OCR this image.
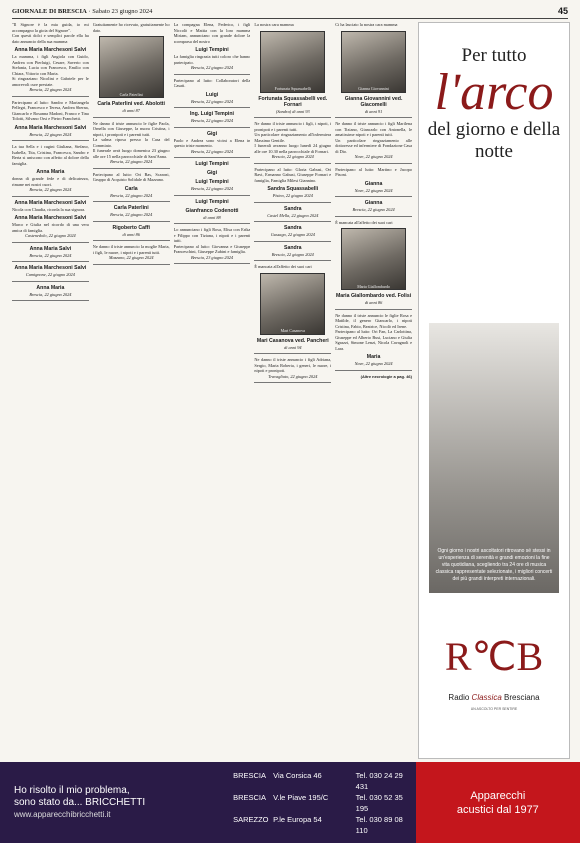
GIORNALE DI BRESCIA · Sabato 23 giugno 2024	45
"Il Signore è la mia guida, io mi accompagno la gioia del Signore".
Con questi dolci e semplici parole ella ha dato annuncio della sua mamma
Anna Maria Marchesoni Salvi
La mamma, i figli Angiola con Guido, Andrea con Pierluigi, Cesare, Saverio con Stefania, Lucia con Francesco, Emilio con Chiara, Vittorio con Maria.
Si ringraziano Nicolini e Gabriele per le amorevoli cure prestate.
Brescia, 22 giugno 2024
Partecipano al lutto: Sandro e Mariangela Pellegri, Francesco e Teresa, Andrea Sberna, Giancarlo e Rosanna Madoni, Franco e Tina Tolotti, Silvano Orsi e Pietro Franchetti.
Anna Maria Marchesoni Salvi
Brescia, 22 giugno 2024
La tua Sella e i cugini Giuliana, Stefano, Isabella, Tita, Cristina, Francesca, Sandro e Berta si uniscono con affetto al dolore della famiglia.
Anna Maria
donna di grande fede e di delicatezza, rimane nei nostri cuori.
Brescia, 22 giugno 2024
Anna Maria Marchesoni Salvi
Nicola con Claudia, ricorda la sua signora.
Anna Maria Marchesoni Salvi
Marco e Giulia nel ricordo di una vera amica di famiglia.
Castenedolo, 22 giugno 2024
Anna Maria Salvi
Brescia, 22 giugno 2024
Anna Maria Marchesoni Salvi
Camignone, 22 giugno 2024
Anna Maria
Brescia, 22 giugno 2024
Gratuitamente ho ricevuto, gratuitamente ho dato.
Carla Paterlini
Carla Paterlini ved. Abolotti
di anni 87
Ne danno il triste annuncio le figlie Paola, Ornella con Giuseppe, la nuora Cristina, i nipoti, i pronipoti e i parenti tutti.
La salma riposa presso la Casa del Commiato.
Il funerale avrà luogo domenica 23 giugno alle ore 15 nella parrocchiale di Sant'Anna.
Brescia, 22 giugno 2024
Partecipano al lutto: Ori Bas, Scaroni, Gruppo di Acquisto Solidale di Mazzano.
Carla
Brescia, 22 giugno 2024
Carla Paterlini
Brescia, 22 giugno 2024
Rigoberto Caffi
di anni 86
Ne danno il triste annuncio la moglie Maria, i figli, le nuore, i nipoti e i parenti tutti.
Mazzano, 22 giugno 2024
La compagna Elena, Federico, i figli Niccolò e Mattia con la loro mamma Miriam, annunciano con grande dolore la scomparsa del nostro
Luigi Tempini
La famiglia ringrazia tutti coloro che hanno partecipato.
Brescia, 22 giugno 2024
Partecipano al lutto: Collaboratori della Casati.
Luigi
Brescia, 22 giugno 2024
Ing. Luigi Tempini
Brescia, 22 giugno 2024
Gigi
Paolo e Andrea sono vicini a Elena in questo triste momento.
Brescia, 22 giugno 2024
Luigi Tempini
Gigi
Luigi Tempini
Brescia, 22 giugno 2024
Luigi Tempini
Gianfranco Codenotti
di anni 88
Lo annunciano i figli Rosa, Elisa con Erika e Filippo con Tiziana, i nipoti e i parenti tutti.
Partecipano al lutto: Giovanna e Giuseppe Franceschini, Giuseppe Zubini e famiglia.
Brescia, 23 giugno 2024
La nostra cara mamma
Fortunata Squassabelli
Fortunata Squassabelli ved. Fornari
(Sandra) di anni 93
Ne danno il triste annuncio i figli, i nipoti, i pronipoti e i parenti tutti.
Un particolare ringraziamento all'infermiera Massimo Gentile.
I funerali avranno luogo lunedì 24 giugno alle ore 10.30 nella parrocchiale di Fornari.
Brescia, 22 giugno 2024
Partecipano al lutto: Gloria Gabusi, Ori Ravi, Ermanno Gabusi, Giuseppe Fornari e famiglia, Famiglia Milesi Giannino.
Sandra Squassabelli
Pisino, 22 giugno 2024
Sandra
Castel Mella, 22 giugno 2024
Sandra
Gussago, 22 giugno 2024
Sandra
Brescia, 22 giugno 2024
È mancata all'affetto dei suoi cari
Mari Casanova
Mari Casanova ved. Pancheri
di anni 94
Ne danno il triste annuncio i figli Adriana, Sergio, Maria Roberta, i generi, le nuore, i nipoti e pronipoti.
Travagliato, 22 giugno 2024
Ci ha lasciato la nostra cara mamma
Gianna Giovannini
Gianna Giovannini ved. Giacomelli
di anni 91
Ne danno il triste annuncio i figli Marilena con Tiziano, Giancarlo con Antonella, le amatissime nipoti e i parenti tutti.
Un particolare ringraziamento alle dottoresse ed infermiere di Fondazione Casa di Dio.
Nave, 22 giugno 2024
Partecipano al lutto: Martino e Jacopo Pisoni.
Gianna
Nave, 22 giugno 2024
Gianna
Brescia, 22 giugno 2024
È mancata all'affetto dei suoi cari
Maria Giallombardo
Maria Giallombardo ved. Folisi
di anni 86
Ne danno il triste annuncio le figlie Rosa e Matilde, il genero Giancarlo, i nipoti Cristina, Fabio, Beatrice, Nicolò ed Irene.
Partecipano al lutto: Ori Fan, La Carlottina, Giuseppe ed Alberto Busi, Luciano e Giulia Sgrazzi, Simone Lenzi, Nicola Cavagnoli e Lara.
Maria
Nave, 22 giugno 2024
(Altre necrologie a pag. 46)
Per tutto
l'arco
del giorno e della notte
Ogni giorno i nostri ascoltatori ritrovano sé stessi in un'esperienza di serenità e grandi emozioni la fine vita quotidiana, scegliendo tra 24 ore di musica classica rappresentate selezionate, i migliori concerti dei più grandi interpreti internazionali.
R℃B
Radio Classica Bresciana
UN ASCOLTO PER SENTIRE
Ho risolto il mio problema,
sono stato da... BRICCHETTI
www.apparecchibricchetti.it
BRESCIA Via Corsica 46	Tel. 030 24 29 431
BRESCIA V.le Piave 195/C	Tel. 030 52 35 195
SAREZZO P.le Europa 54	Tel. 030 89 08 110
Apparecchi
acustici dal 1977
